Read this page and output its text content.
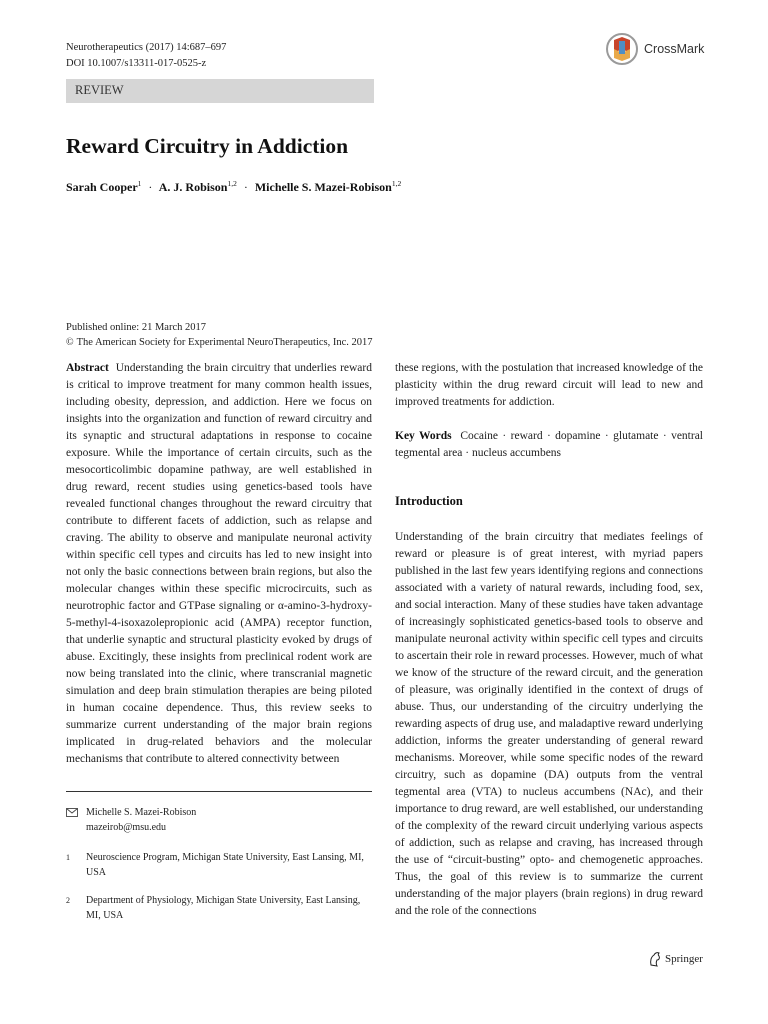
Neurotherapeutics (2017) 14:687–697
DOI 10.1007/s13311-017-0525-z
CrossMark
REVIEW
Reward Circuitry in Addiction
Sarah Cooper$^1$ · A. J. Robison$^{1,2}$ · Michelle S. Mazei-Robison$^{1,2}$
Published online: 21 March 2017
© The American Society for Experimental NeuroTherapeutics, Inc. 2017

Abstract Understanding the brain circuitry that underlies reward is critical to improve treatment for many common health issues, including obesity, depression, and addiction. Here we focus on insights into the organization and function of reward circuitry and its synaptic and structural adaptations in response to cocaine exposure. While the importance of certain circuits, such as the mesocorticolimbic dopamine pathway, are well established in drug reward, recent studies using genetics-based tools have revealed functional changes throughout the reward circuitry that contribute to different facets of addiction, such as relapse and craving. The ability to observe and manipulate neuronal activity within specific cell types and circuits has led to new insight into not only the basic connections between brain regions, but also the molecular changes within these specific microcircuits, such as neurotrophic factor and GTPase signaling or α-amino-3-hydroxy-5-methyl-4-isoxazolepropionic acid (AMPA) receptor function, that underlie synaptic and structural plasticity evoked by drugs of abuse. Excitingly, these insights from preclinical rodent work are now being translated into the clinic, where transcranial magnetic simulation and deep brain stimulation therapies are being piloted in human cocaine dependence. Thus, this review seeks to summarize current understanding of the major brain regions implicated in drug-related behaviors and the molecular mechanisms that contribute to altered connectivity between

these regions, with the postulation that increased knowledge of the plasticity within the drug reward circuit will lead to new and improved treatments for addiction.

Key Words Cocaine · reward · dopamine · glutamate · ventral tegmental area · nucleus accumbens

Introduction

Understanding of the brain circuitry that mediates feelings of reward or pleasure is of great interest, with myriad papers published in the last few years identifying regions and connections associated with a variety of natural rewards, including food, sex, and social interaction. Many of these studies have taken advantage of increasingly sophisticated genetics-based tools to observe and manipulate neuronal activity within specific cell types and circuits to ascertain their role in reward processes. However, much of what we know of the structure of the reward circuit, and the generation of pleasure, was originally identified in the context of drugs of abuse. Thus, our understanding of the circuitry underlying the rewarding aspects of drug use, and maladaptive reward underlying addiction, informs the greater understanding of general reward mechanisms. Moreover, while some specific nodes of the reward circuitry, such as dopamine (DA) outputs from the ventral tegmental area (VTA) to nucleus accumbens (NAc), and their importance to drug reward, are well established, our understanding of the complexity of the reward circuit underlying various aspects of addiction, such as relapse and craving, has increased through the use of “circuit-busting” opto- and chemogenetic approaches. Thus, the goal of this review is to summarize the current understanding of the major players (brain regions) in drug reward and the role of the connections

Michelle S. Mazei-Robison
mazeirob@msu.edu
1	Neuroscience Program, Michigan State University, East Lansing, MI, USA
2	Department of Physiology, Michigan State University, East Lansing, MI, USA
Springer
